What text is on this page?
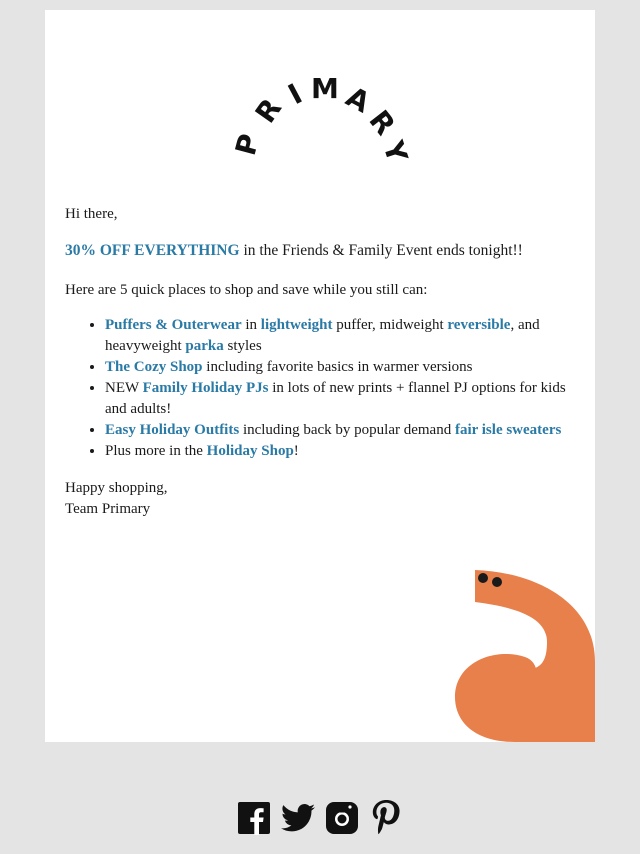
P
R
I M A
R
Y

Hi there,

30% OFF EVERYTHING in the Friends & Family Event ends tonight!!

Here are 5 quick places to shop and save while you still can:

• Puffers & Outerwear in lightweight puffer, midweight reversible, and heavyweight parka styles
• The Cozy Shop including favorite basics in warmer versions
• NEW Family Holiday PJs in lots of new prints + flannel PJ options for kids and adults!
• Easy Holiday Outfits including back by popular demand fair isle sweaters
• Plus more in the Holiday Shop!

Happy shopping,

Team Primary
